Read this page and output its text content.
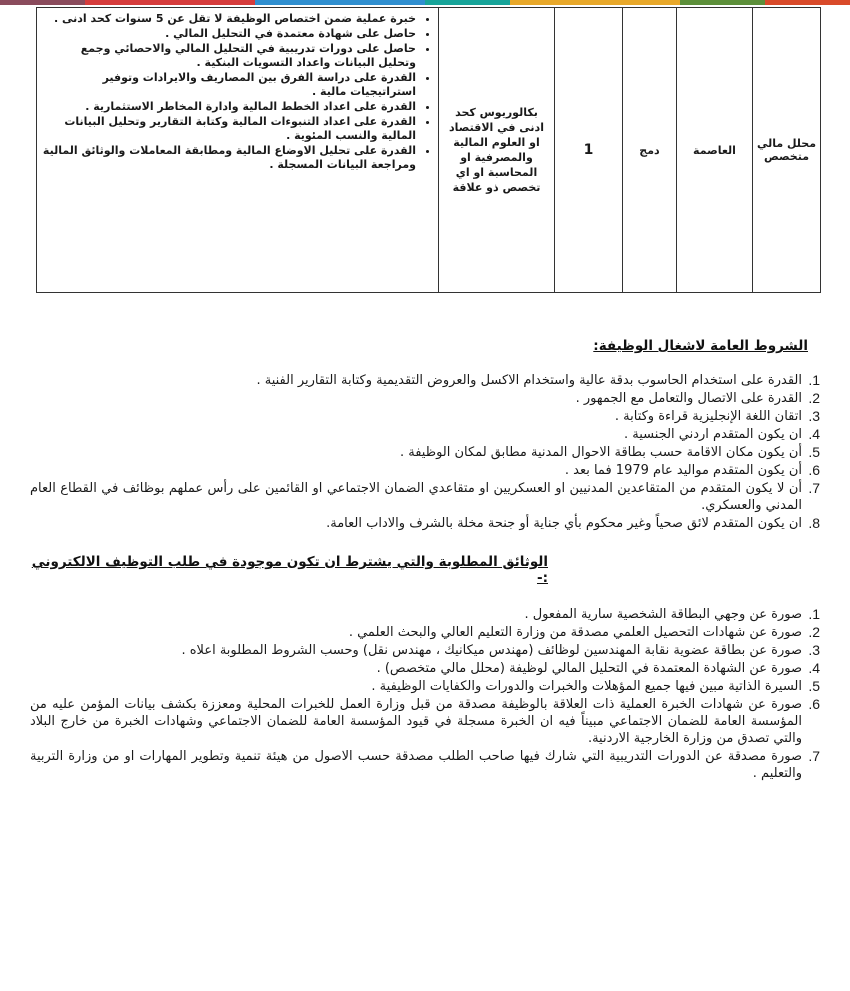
محلل مالي متخصص	العاصمة	دمج	1	بكالوريوس كحد ادنى في الاقتصاد او العلوم المالية والمصرفية او المحاسبة او اي تخصص ذو علاقة	
• خبرة عملية ضمن اختصاص الوظيفة لا تقل عن 5 سنوات كحد ادنى .
• حاصل على شهادة معتمدة في التحليل المالي .
• حاصل على دورات تدريبية في التحليل المالي والاحصائي وجمع وتحليل البيانات واعداد التسويات البنكية .
• القدرة على دراسة الفرق بين المصاريف والايرادات وتوفير استراتيجيات مالية .
• القدرة على اعداد الخطط المالية وادارة المخاطر الاستثمارية .
• القدرة على اعداد التنبوءات المالية وكتابة التقارير وتحليل البيانات المالية والنسب المئوية .
• القدرة على تحليل الاوضاع المالية ومطابقة المعاملات والوثائق المالية ومراجعة البيانات المسجلة .
الشروط العامة لاشغال الوظيفة:
1.
القدرة على استخدام الحاسوب بدقة عالية واستخدام الاكسل والعروض التقديمية وكتابة التقارير الفنية .
2.
القدرة على الاتصال والتعامل مع الجمهور .
3.
اتقان اللغة الإنجليزية قراءة وكتابة .
4.
ان يكون المتقدم اردني الجنسية .
5.
أن يكون مكان الاقامة حسب بطاقة الاحوال المدنية مطابق لمكان الوظيفة .
6.
أن يكون المتقدم مواليد عام 1979 فما بعد .
7.
أن لا يكون المتقدم من المتقاعدين المدنيين او العسكريين او متقاعدي الضمان الاجتماعي او القائمين على رأس عملهم بوظائف في القطاع العام المدني والعسكري.
8.
ان يكون المتقدم لائق صحياً وغير محكوم بأي جناية أو جنحة مخلة بالشرف والاداب العامة.
الوثائق المطلوبة والتي يشترط ان تكون موجودة في طلب التوظيف الالكتروني :-
1.
صورة عن وجهي البطاقة الشخصية سارية المفعول .
2.
صورة عن شهادات التحصيل العلمي مصدقة من وزارة التعليم العالي والبحث العلمي .
3.
صورة عن بطاقة عضوية نقابة المهندسين لوظائف (مهندس ميكانيك ، مهندس نقل) وحسب الشروط المطلوبة اعلاه .
4.
صورة عن الشهادة المعتمدة في التحليل المالي لوظيفة (محلل مالي متخصص) .
5.
السيرة الذاتية مبين فيها جميع المؤهلات والخبرات والدورات والكفايات الوظيفية .
6.
صورة عن شهادات الخبرة العملية ذات العلاقة بالوظيفة مصدقة من قبل وزارة العمل للخبرات المحلية ومعززة بكشف بيانات المؤمن عليه من المؤسسة العامة للضمان الاجتماعي مبيناً فيه ان الخبرة مسجلة في قيود المؤسسة العامة للضمان الاجتماعي وشهادات الخبرة من خارج البلاد والتي تصدق من وزارة الخارجية الاردنية.
7.
صورة مصدقة عن الدورات التدريبية التي شارك فيها صاحب الطلب مصدقة حسب الاصول من هيئة تنمية وتطوير المهارات او من وزارة التربية والتعليم .
